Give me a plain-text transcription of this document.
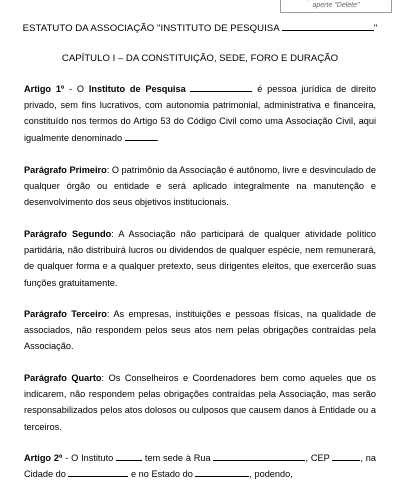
aperte "Delete"
ESTATUTO DA ASSOCIAÇÃO "INSTITUTO DE PESQUISA	"
CAPÍTULO I – DA CONSTITUIÇÃO, SEDE, FORO E DURAÇÃO
Artigo 1º - O Instituto de Pesquisa	é pessoa jurídica de direito privado, sem fins lucrativos, com autonomia patrimonial, administrativa e financeira, constituído nos termos do Artigo 53 do Código Civil como uma Associação Civil, aqui igualmente denominado	.
Parágrafo Primeiro: O patrimônio da Associação é autônomo, livre e desvinculado de qualquer órgão ou entidade e será aplicado integralmente na manutenção e desenvolvimento dos seus objetivos institucionais.
Parágrafo Segundo: A Associação não participará de qualquer atividade político partidária, não distribuirá lucros ou dividendos de qualquer espécie, nem remunerará, de qualquer forma e a qualquer pretexto, seus dirigentes eleitos, que exercerão suas funções gratuitamente.
Parágrafo Terceiro: As empresas, instituições e pessoas físicas, na qualidade de associados, não respondem pelos seus atos nem pelas obrigações contraídas pela Associação.
Parágrafo Quarto: Os Conselheiros e Coordenadores bem como aqueles que os indicarem, não respondem pelas obrigações contraídas pela Associação, mas serão responsabilizados pelos atos dolosos ou culposos que causem danos à Entidade ou a terceiros.
Artigo 2º - O Instituto	tem sede à Rua	, CEP	, na Cidade do	e no Estado do	, podendo,
